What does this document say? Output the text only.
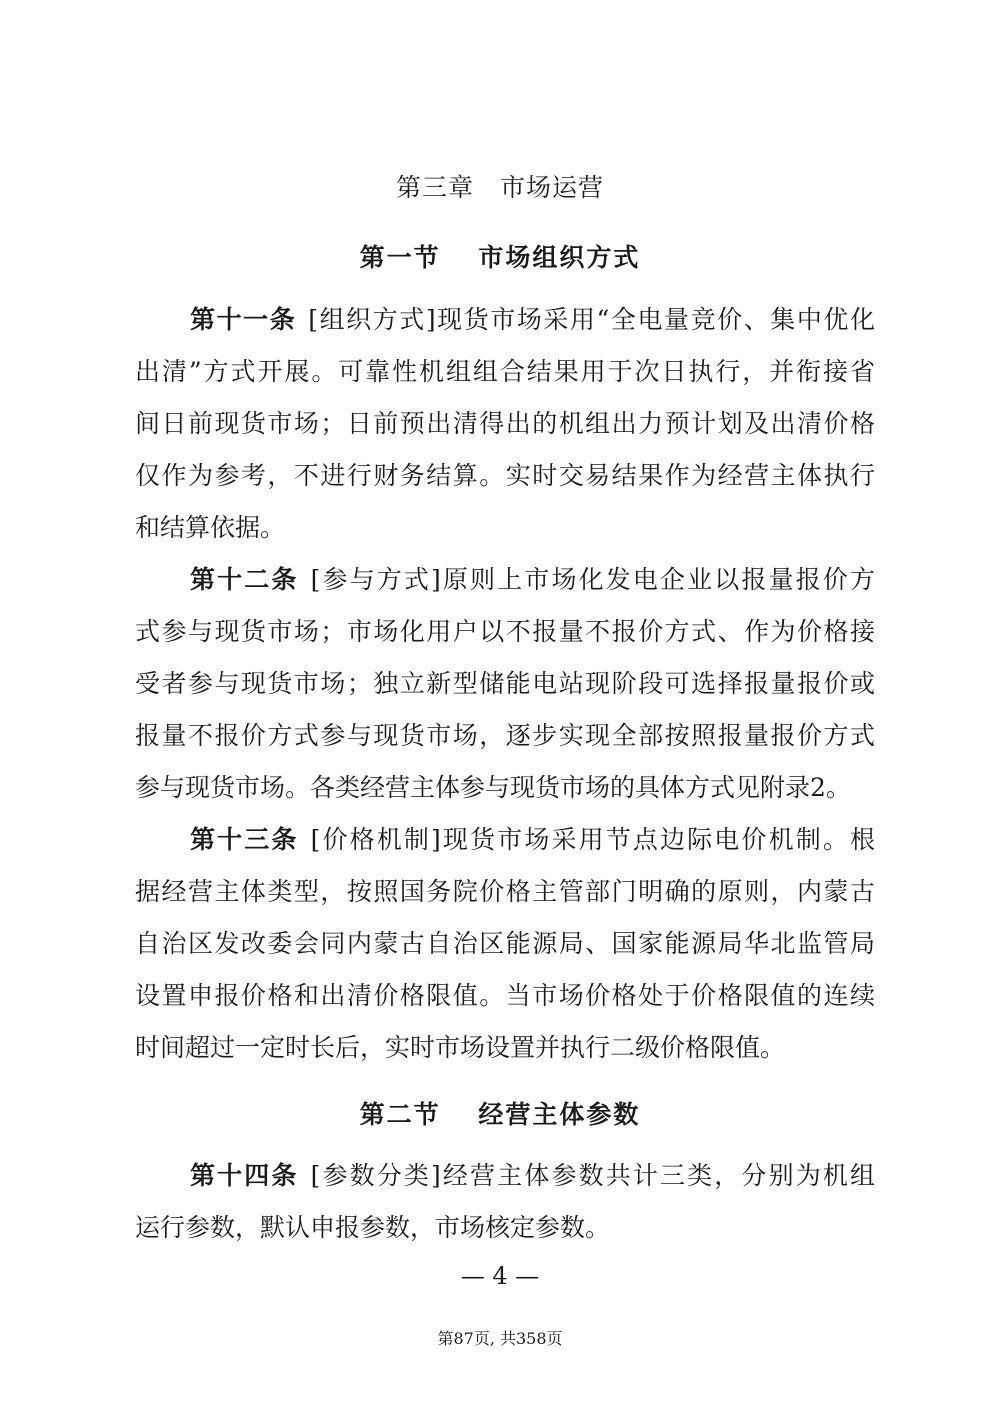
第三章　市场运营
第一节　 市场组织方式
第二节　 经营主体参数
第十一条 [组织方式]现货市场采用“全电量竞价、集中优化
出清”方式开展。可靠性机组组合结果用于次日执行，并衔接省
间日前现货市场；日前预出清得出的机组出力预计划及出清价格
仅作为参考，不进行财务结算。实时交易结果作为经营主体执行
和结算依据。
第十二条 [参与方式]原则上市场化发电企业以报量报价方
式参与现货市场；市场化用户以不报量不报价方式、作为价格接
受者参与现货市场；独立新型储能电站现阶段可选择报量报价或
报量不报价方式参与现货市场，逐步实现全部按照报量报价方式
参与现货市场。各类经营主体参与现货市场的具体方式见附录2。
第十三条 [价格机制]现货市场采用节点边际电价机制。根
据经营主体类型，按照国务院价格主管部门明确的原则，内蒙古
自治区发改委会同内蒙古自治区能源局、国家能源局华北监管局
设置申报价格和出清价格限值。当市场价格处于价格限值的连续
时间超过一定时长后，实时市场设置并执行二级价格限值。
第十四条 [参数分类]经营主体参数共计三类，分别为机组
运行参数，默认申报参数，市场核定参数。
— 4 —
第87页, 共358页
